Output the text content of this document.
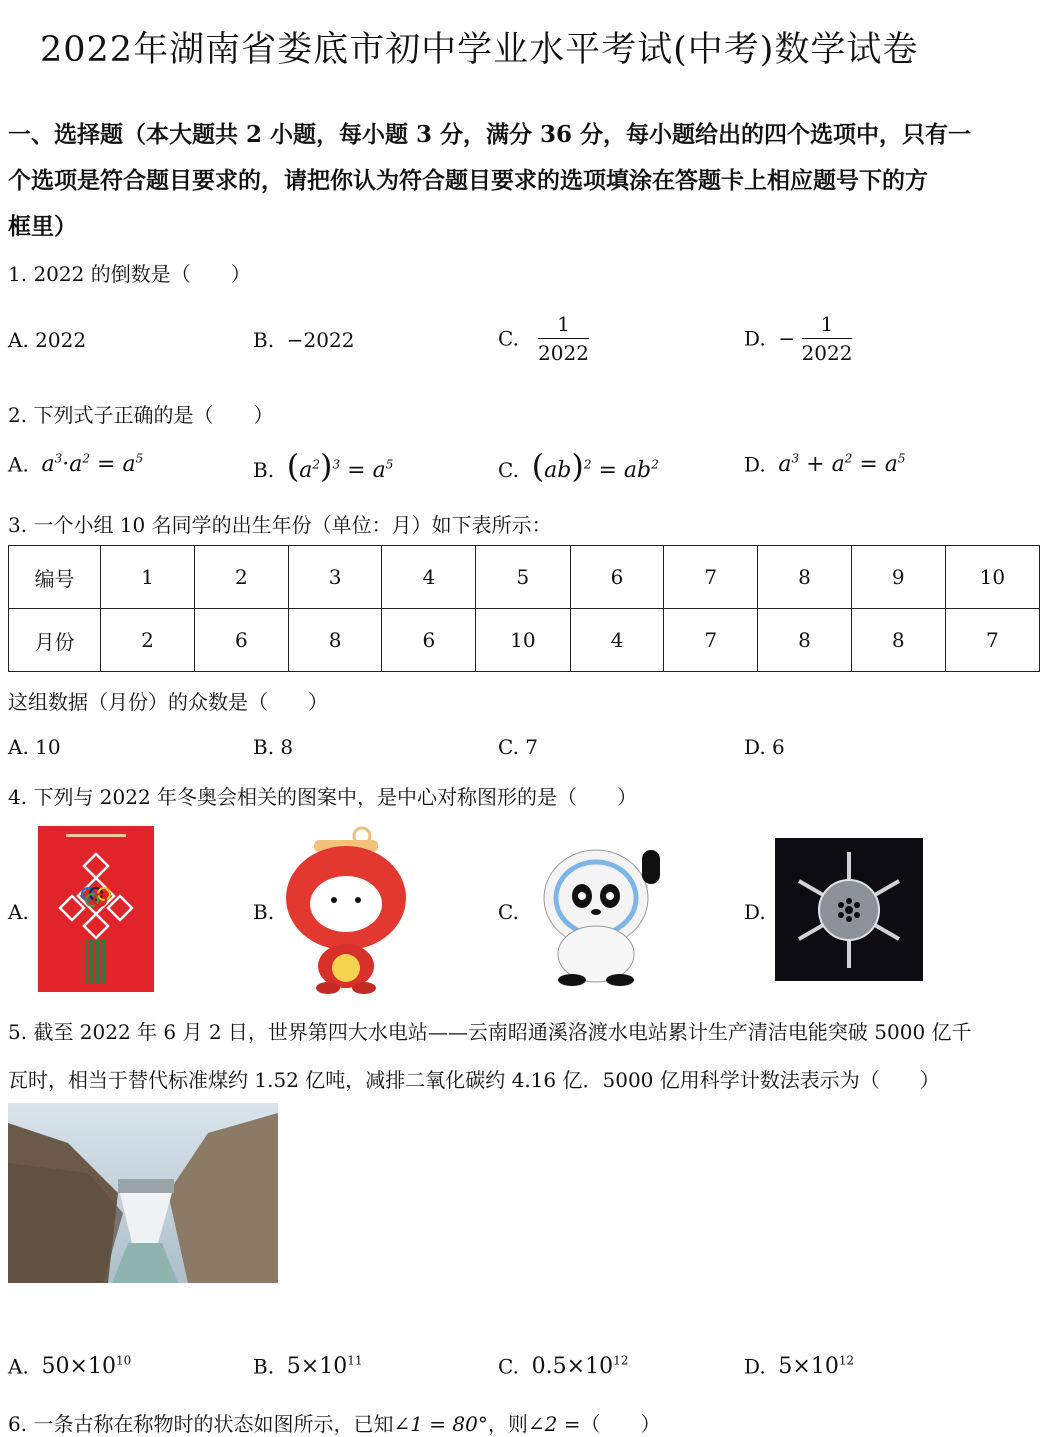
2022年湖南省娄底市初中学业水平考试(中考)数学试卷
一、选择题（本大题共 2 小题，每小题 3 分，满分 36 分，每小题给出的四个选项中，只有一
个选项是符合题目要求的，请把你认为符合题目要求的选项填涂在答题卡上相应题号下的方
框里）
1. 2022 的倒数是（　　）
A. 2022	B. −2022	C. $\frac{1}{2022}$	D. − $\frac{1}{2022}$
2. 下列式子正确的是（　　）
A. $a^3\cdot a^2 = a^5$	B. $(a^2)^3 = a^5$	C. $(ab)^2 = ab^2$	D. $a^3 + a^2 = a^5$
3. 一个小组 10 名同学的出生年份（单位：月）如下表所示：
编号	1	2	3	4	5	6	7	8	9	10
月份	2	6	8	6	10	4	7	8	8	7
这组数据（月份）的众数是（　　）
A. 10	B. 8	C. 7	D. 6
4. 下列与 2022 年冬奥会相关的图案中，是中心对称图形的是（　　）
A.	B.	C.	D.
5. 截至 2022 年 6 月 2 日，世界第四大水电站——云南昭通溪洛渡水电站累计生产清洁电能突破 5000 亿千
瓦时，相当于替代标准煤约 1.52 亿吨，减排二氧化碳约 4.16 亿．5000 亿用科学计数法表示为（　　）
A. $50\times 10^{10}$	B. $5\times 10^{11}$	C. $0.5\times 10^{12}$	D. $5\times 10^{12}$
6. 一条古称在称物时的状态如图所示，已知∠1 = 80°，则∠2 =（　　）
